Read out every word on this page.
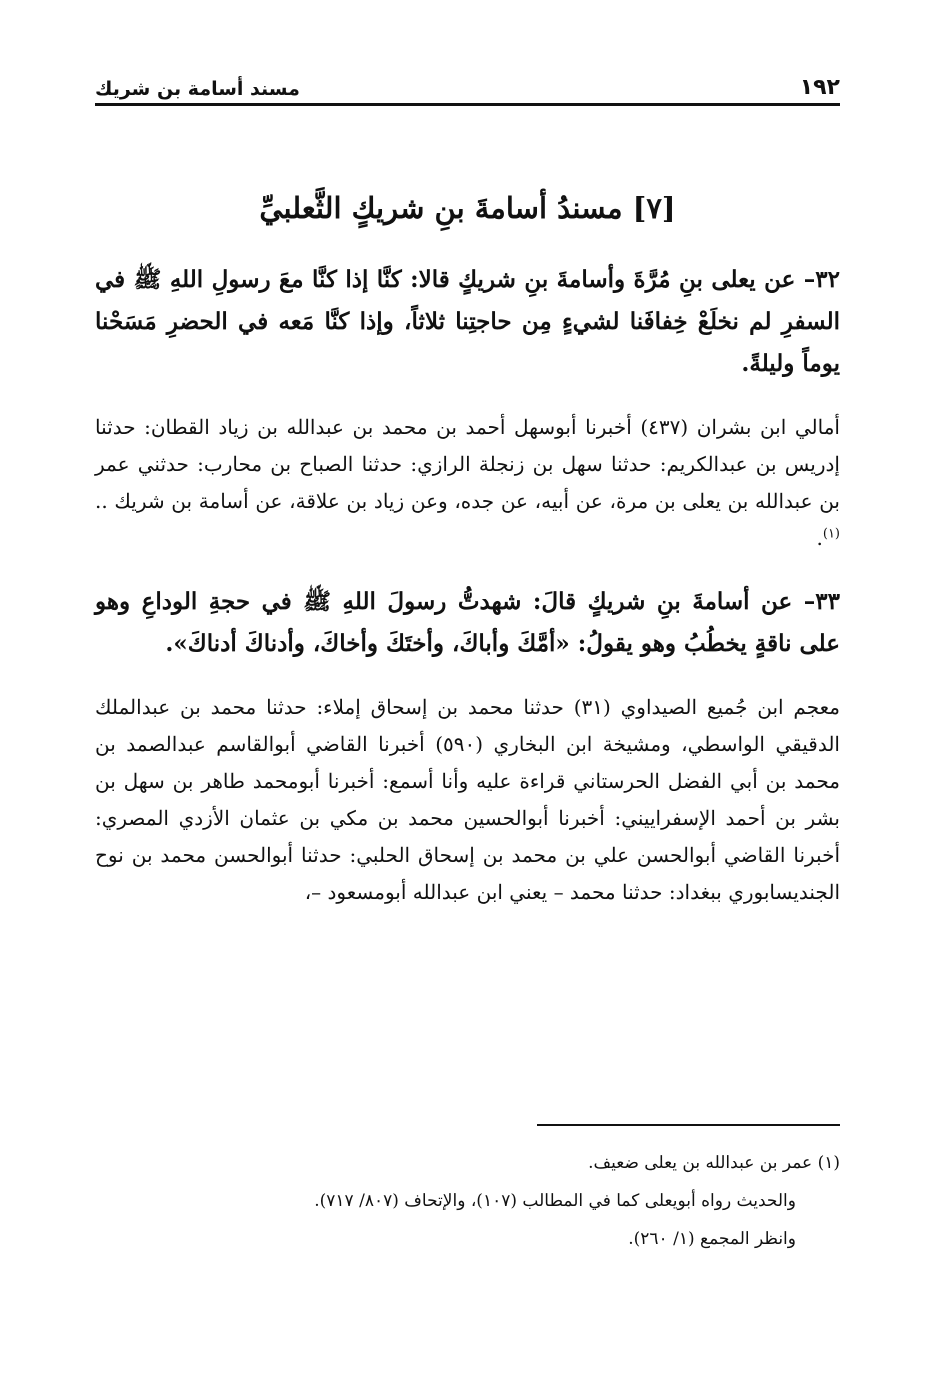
مسند أسامة بن شريك	١٩٢
[٧] مسندُ أسامةَ بنِ شريكٍ الثَّعلبيِّ

٣٢– عن يعلى بنِ مُرَّةَ وأسامةَ بنِ شريكٍ قالا: كنَّا إذا كنَّا معَ رسولِ اللهِ ﷺ في السفرِ لم نخلَعْ خِفافَنا لشيءٍ مِن حاجتِنا ثلاثاً، وإذا كنَّا مَعه في الحضرِ مَسَحْنا يوماً وليلةً.

أمالي ابن بشران (٤٣٧) أخبرنا أبوسهل أحمد بن محمد بن عبدالله بن زياد القطان: حدثنا إدريس بن عبدالكريم: حدثنا سهل بن زنجلة الرازي: حدثنا الصباح بن محارب: حدثني عمر بن عبدالله بن يعلى بن مرة، عن أبيه، عن جده، وعن زياد بن علاقة، عن أسامة بن شريك .. $^{(١)}$.

٣٣– عن أسامةَ بنِ شريكٍ قالَ: شهدتُّ رسولَ اللهِ ﷺ في حجةِ الوداعِ وهو على ناقةٍ يخطُبُ وهو يقولُ: «أمَّكَ وأباكَ، وأختَكَ وأخاكَ، وأدناكَ أدناكَ».

معجم ابن جُميع الصيداوي (٣١) حدثنا محمد بن إسحاق إملاء: حدثنا محمد بن عبدالملك الدقيقي الواسطي، ومشيخة ابن البخاري (٥٩٠) أخبرنا القاضي أبوالقاسم عبدالصمد بن محمد بن أبي الفضل الحرستاني قراءة عليه وأنا أسمع: أخبرنا أبومحمد طاهر بن سهل بن بشر بن أحمد الإسفراييني: أخبرنا أبوالحسين محمد بن مكي بن عثمان الأزدي المصري: أخبرنا القاضي أبوالحسن علي بن محمد بن إسحاق الحلبي: حدثنا أبوالحسن محمد بن نوح الجنديسابوري ببغداد: حدثنا محمد – يعني ابن عبدالله أبومسعود –،

(١) عمر بن عبدالله بن يعلى ضعيف.
والحديث رواه أبويعلى كما في المطالب (١٠٧)، والإتحاف (٨٠٧/ ٧١٧).
وانظر المجمع (١/ ٢٦٠).
